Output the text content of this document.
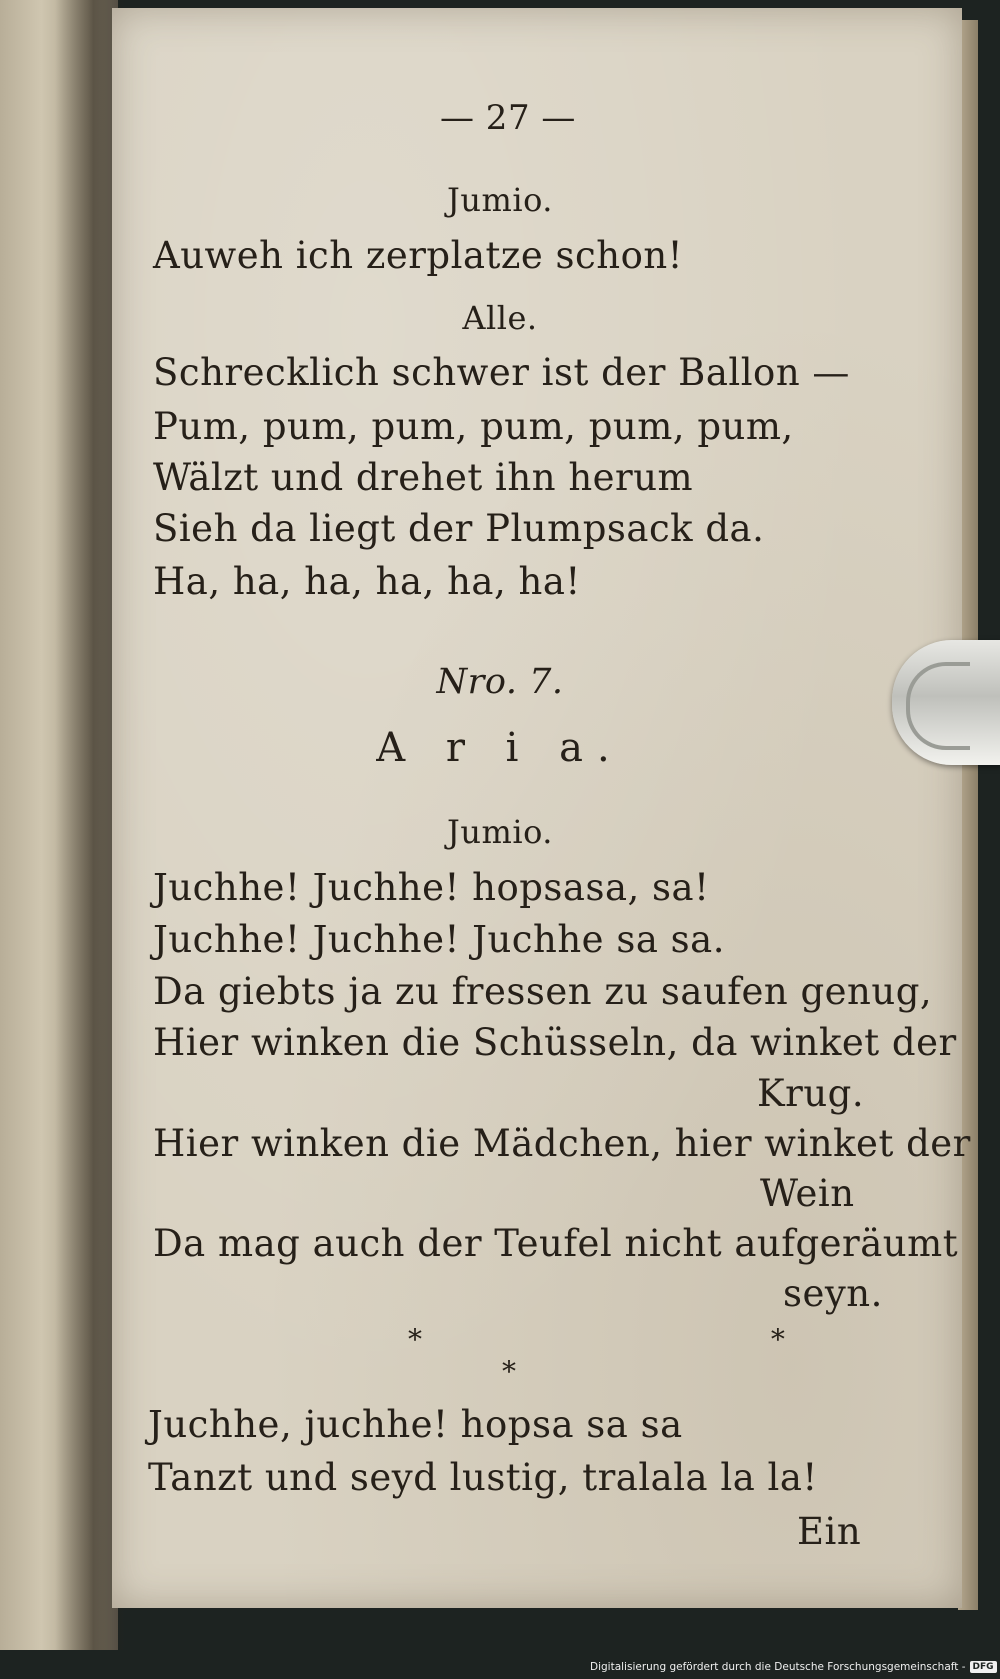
— 27 —
Jumio.
Auweh ich zerplatze schon!
Alle.
Schrecklich schwer ist der Ballon —
Pum, pum, pum, pum, pum, pum,
Wälzt und drehet ihn herum
Sieh da liegt der Plumpsack da.
Ha, ha, ha, ha, ha, ha!
Nro. 7.
A r i a.
Jumio.
Juchhe! Juchhe! hopsasa, sa!
Juchhe! Juchhe! Juchhe sa sa.
Da giebts ja zu fressen zu saufen genug,
Hier winken die Schüsseln, da winket der
Krug.
Hier winken die Mädchen, hier winket der
Wein
Da mag auch der Teufel nicht aufgeräumt
seyn.
* *
*
Juchhe, juchhe! hopsa sa sa
Tanzt und seyd lustig, tralala la la!
Ein
Digitalisierung gefördert durch die Deutsche Forschungsgemeinschaft - DFG
